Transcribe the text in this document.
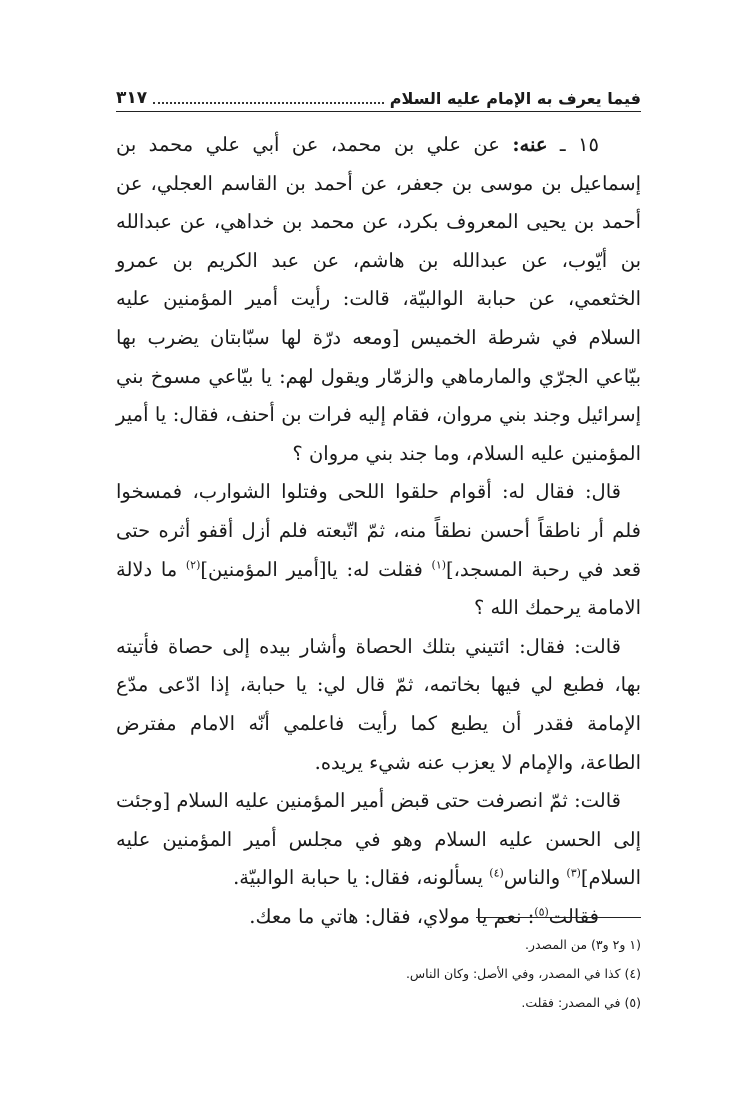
فيما يعرف به الإمام عليه السلام
٣١٧

١٥ ـ عنه: عن علي بن محمد، عن أبي علي محمد بن إسماعيل بن موسى بن جعفر، عن أحمد بن القاسم العجلي، عن أحمد بن يحيى المعروف بكرد، عن محمد بن خداهي، عن عبدالله بن أيّوب، عن عبدالله بن هاشم، عن عبد الكريم بن عمرو الخثعمي، عن حبابة الوالبيّة، قالت: رأيت أمير المؤمنين عليه السلام في شرطة الخميس [ومعه درّة لها سبّابتان يضرب بها بيّاعي الجرّي والمارماهي والزمّار ويقول لهم: يا بيّاعي مسوخ بني إسرائيل وجند بني مروان، فقام إليه فرات بن أحنف، فقال: يا أمير المؤمنين عليه السلام، وما جند بني مروان ؟

قال: فقال له: أقوام حلقوا اللحى وفتلوا الشوارب، فمسخوا فلم أر ناطقاً أحسن نطقاً منه، ثمّ اتّبعته فلم أزل أقفو أثره حتى قعد في رحبة المسجد،]$^{(١)}$ فقلت له: يا[أمير المؤمنين]$^{(٢)}$ ما دلالة الامامة يرحمك الله ؟

قالت: فقال: ائتيني بتلك الحصاة وأشار بيده إلى حصاة فأتيته بها، فطبع لي فيها بخاتمه، ثمّ قال لي: يا حبابة، إذا ادّعى مدّع الإمامة فقدر أن يطبع كما رأيت فاعلمي أنّه الامام مفترض الطاعة، والإمام لا يعزب عنه شيء يريده.

قالت: ثمّ انصرفت حتى قبض أمير المؤمنين عليه السلام [وجئت إلى الحسن عليه السلام وهو في مجلس أمير المؤمنين عليه السلام]$^{(٣)}$ والناس$^{(٤)}$ يسألونه، فقال: يا حبابة الوالبيّة.

فقالت$^{(٥)}$: نعم يا مولاي، فقال: هاتي ما معك.

(١ و٢ و٣) من المصدر.
(٤) كذا في المصدر، وفي الأصل: وكان الناس.
(٥) في المصدر: فقلت.
